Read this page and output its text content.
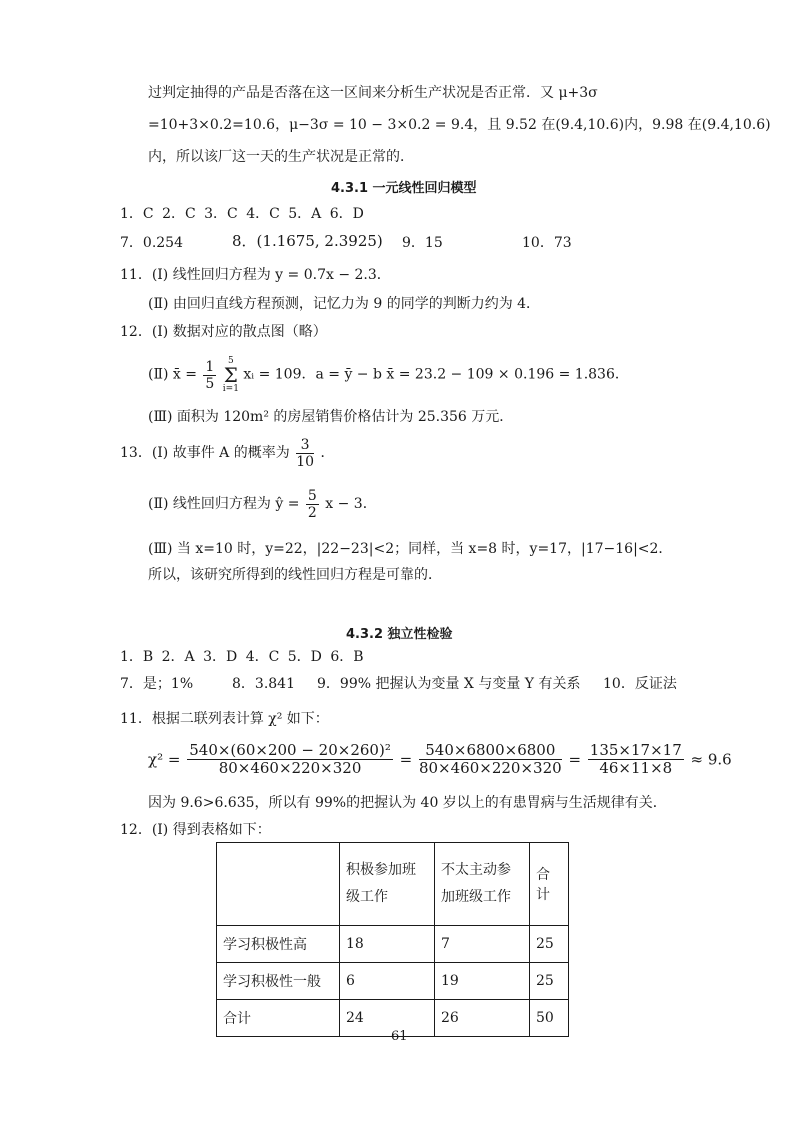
过判定抽得的产品是否落在这一区间来分析生产状况是否正常．又 μ+3σ
=10+3×0.2=10.6，μ−3σ = 10 − 3×0.2 = 9.4，且 9.52 在(9.4,10.6)内，9.98 在(9.4,10.6)
内，所以该厂这一天的生产状况是正常的．
4.3.1 一元线性回归模型
1．C 2．C 3．C 4．C 5．A 6．D
7．0.254	8．(1.1675, 2.3925) 9．15	10．73
11．(Ⅰ) 线性回归方程为 y = 0.7x − 2.3．
(Ⅱ) 由回归直线方程预测，记忆力为 9 的同学的判断力约为 4．
12．(Ⅰ) 数据对应的散点图（略）
(Ⅱ) x̄ = $\frac{1}{5}$
	5
Σ
i=1
xᵢ = 109．a = ȳ − b x̄ = 23.2 − 109 × 0.196 = 1.836．
(Ⅲ) 面积为 120m² 的房屋销售价格估计为 25.356 万元．
13．(Ⅰ) 故事件 A 的概率为 $\frac{3}{10}$ ．
(Ⅱ) 线性回归方程为 ŷ = $\frac{5}{2}$ x − 3．
(Ⅲ) 当 x=10 时，y=22，|22−23|<2；同样，当 x=8 时，y=17，|17−16|<2．
所以，该研究所得到的线性回归方程是可靠的．
4.3.2 独立性检验
1．B 2．A 3．D 4．C 5．D 6．B
7．是；1%	8．3.841 9．99% 把握认为变量 X 与变量 Y 有关系 10．反证法
11．根据二联列表计算 χ² 如下：
$\chi^2 = \frac{\text{540×(60×200 − 20×260)²}}{80\times 460\times 220\times 320} = \frac{540\times 6800\times 6800}{80\times 460\times 220\times 320} = \frac{135\times 17\times 17}{46\times 11\times 8} \approx 9.6$
因为 9.6>6.635，所以有 99%的把握认为 40 岁以上的有患胃病与生活规律有关．
12．(Ⅰ) 得到表格如下：
	积极参加班级工作	不太主动参加班级工作	合计
学习积极性高	18	7	25
学习积极性一般	6	19	25
合计	24	26	50
61
